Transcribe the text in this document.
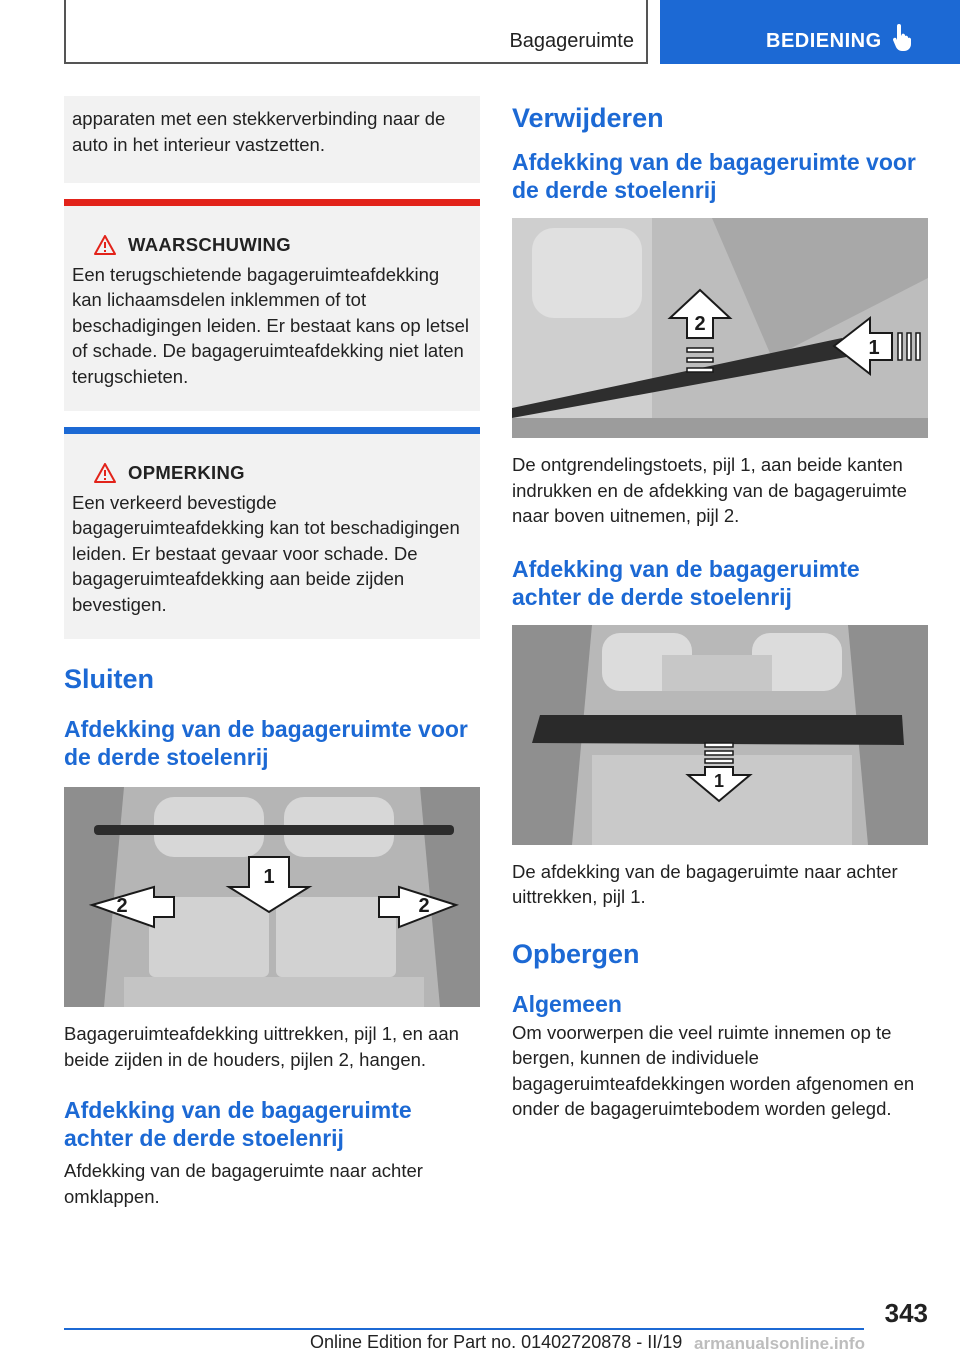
Bagageruimte	BEDIENING

apparaten met een stekkerverbinding naar de auto in het interieur vastzetten.

WAARSCHUWING

Een terugschietende bagageruimteafdekking kan lichaamsdelen inklemmen of tot beschadigingen leiden. Er bestaat kans op letsel of schade. De bagageruimteafdekking niet laten terugschieten.

OPMERKING

Een verkeerd bevestigde bagageruimteafdekking kan tot beschadigingen leiden. Er bestaat gevaar voor schade. De bagageruimteafdekking aan beide zijden bevestigen.

Sluiten
Afdekking van de bagageruimte voor de derde stoelenrij
1
2	2

Bagageruimteafdekking uittrekken, pijl 1, en aan beide zijden in de houders, pijlen 2, hangen.

Afdekking van de bagageruimte achter de derde stoelenrij

Afdekking van de bagageruimte naar achter omklappen.

Verwijderen
Afdekking van de bagageruimte voor de derde stoelenrij
2
1

De ontgrendelingstoets, pijl 1, aan beide kanten indrukken en de afdekking van de bagageruimte naar boven uitnemen, pijl 2.

Afdekking van de bagageruimte achter de derde stoelenrij
1

De afdekking van de bagageruimte naar achter uittrekken, pijl 1.

Opbergen
Algemeen

Om voorwerpen die veel ruimte innemen op te bergen, kunnen de individuele bagageruimteafdekkingen worden afgenomen en onder de bagageruimtebodem worden gelegd.

343
Online Edition for Part no. 01402720878 - II/19 armanualsonline.info
